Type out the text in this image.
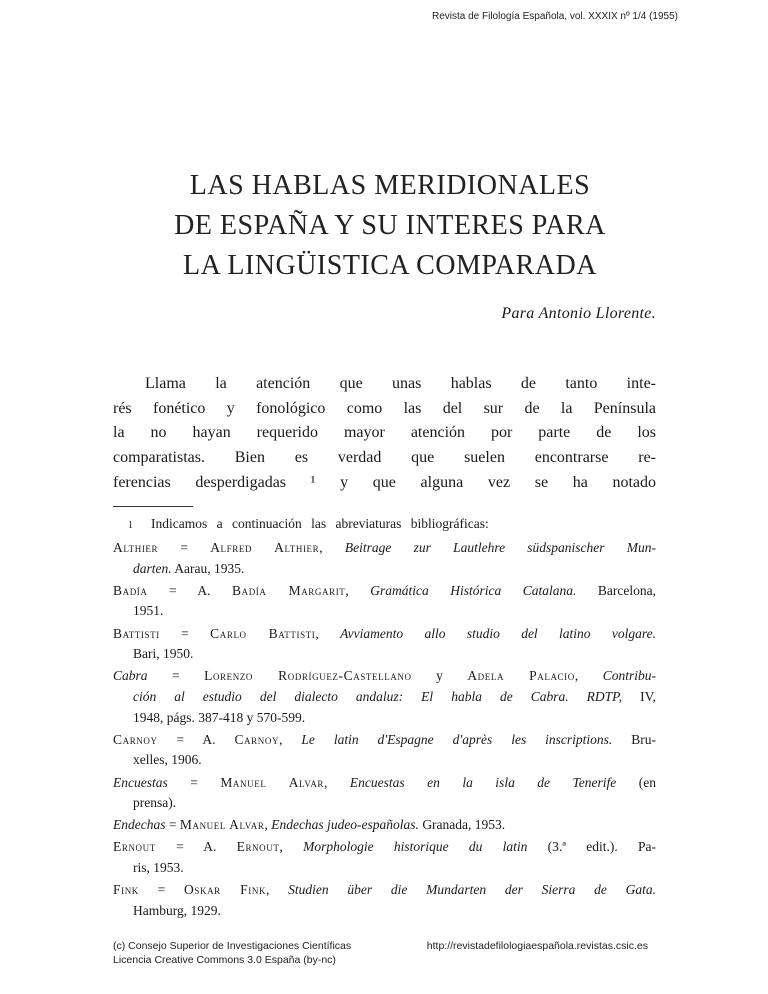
Revista de Filología Española, vol. XXXIX nº 1/4 (1955)
LAS HABLAS MERIDIONALES
DE ESPAÑA Y SU INTERES PARA
LA LINGÜISTICA COMPARADA
Para Antonio Llorente.
Llama la atención que unas hablas de tanto inte-
rés fonético y fonológico como las del sur de la Península
la no hayan requerido mayor atención por parte de los
comparatistas. Bien es verdad que suelen encontrarse re-
ferencias desperdigadas ¹ y que alguna vez se ha notado
1 Indicamos a continuación las abreviaturas bibliográficas:
Althier = Alfred Althier, Beitrage zur Lautlehre südspanischer Mun-
darten. Aarau, 1935.
Badía = A. Badía Margarit, Gramática Histórica Catalana. Barcelona,
1951.
Battisti = Carlo Battisti, Avviamento allo studio del latino volgare.
Bari, 1950.
Cabra = Lorenzo Rodríguez-Castellano y Adela Palacio, Contribu-
ción al estudio del dialecto andaluz: El habla de Cabra. RDTP, IV,
1948, págs. 387-418 y 570-599.
Carnoy = A. Carnoy, Le latin d'Espagne d'après les inscriptions. Bru-
xelles, 1906.
Encuestas = Manuel Alvar, Encuestas en la isla de Tenerife (en
prensa).
Endechas = Manuel Alvar, Endechas judeo-españolas. Granada, 1953.
Ernout = A. Ernout, Morphologie historique du latin (3.ª edit.). Pa-
ris, 1953.
Fink = Oskar Fink, Studien über die Mundarten der Sierra de Gata.
Hamburg, 1929.
(c) Consejo Superior de Investigaciones Científicas
Licencia Creative Commons 3.0 España (by-nc)
http://revistadefilologiaespañola.revistas.csic.es
